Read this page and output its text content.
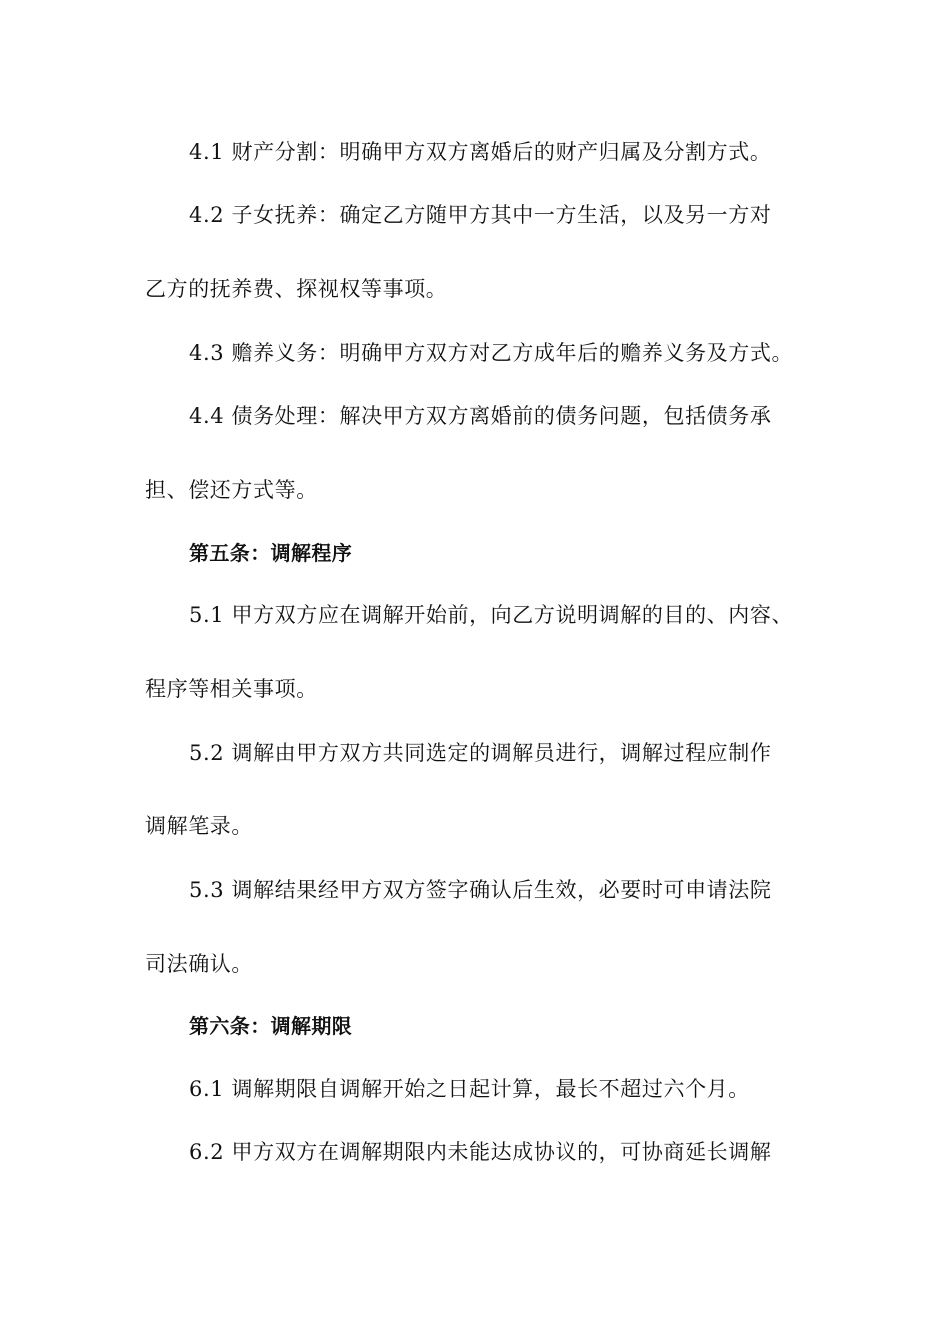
4.1 财产分割：明确甲方双方离婚后的财产归属及分割方式。
4.2 子女抚养：确定乙方随甲方其中一方生活，以及另一方对
乙方的抚养费、探视权等事项。
4.3 赡养义务：明确甲方双方对乙方成年后的赡养义务及方式。
4.4 债务处理：解决甲方双方离婚前的债务问题，包括债务承
担、偿还方式等。
第五条：调解程序
5.1 甲方双方应在调解开始前，向乙方说明调解的目的、内容、
程序等相关事项。
5.2 调解由甲方双方共同选定的调解员进行，调解过程应制作
调解笔录。
5.3 调解结果经甲方双方签字确认后生效，必要时可申请法院
司法确认。
第六条：调解期限
6.1 调解期限自调解开始之日起计算，最长不超过六个月。
6.2 甲方双方在调解期限内未能达成协议的，可协商延长调解
